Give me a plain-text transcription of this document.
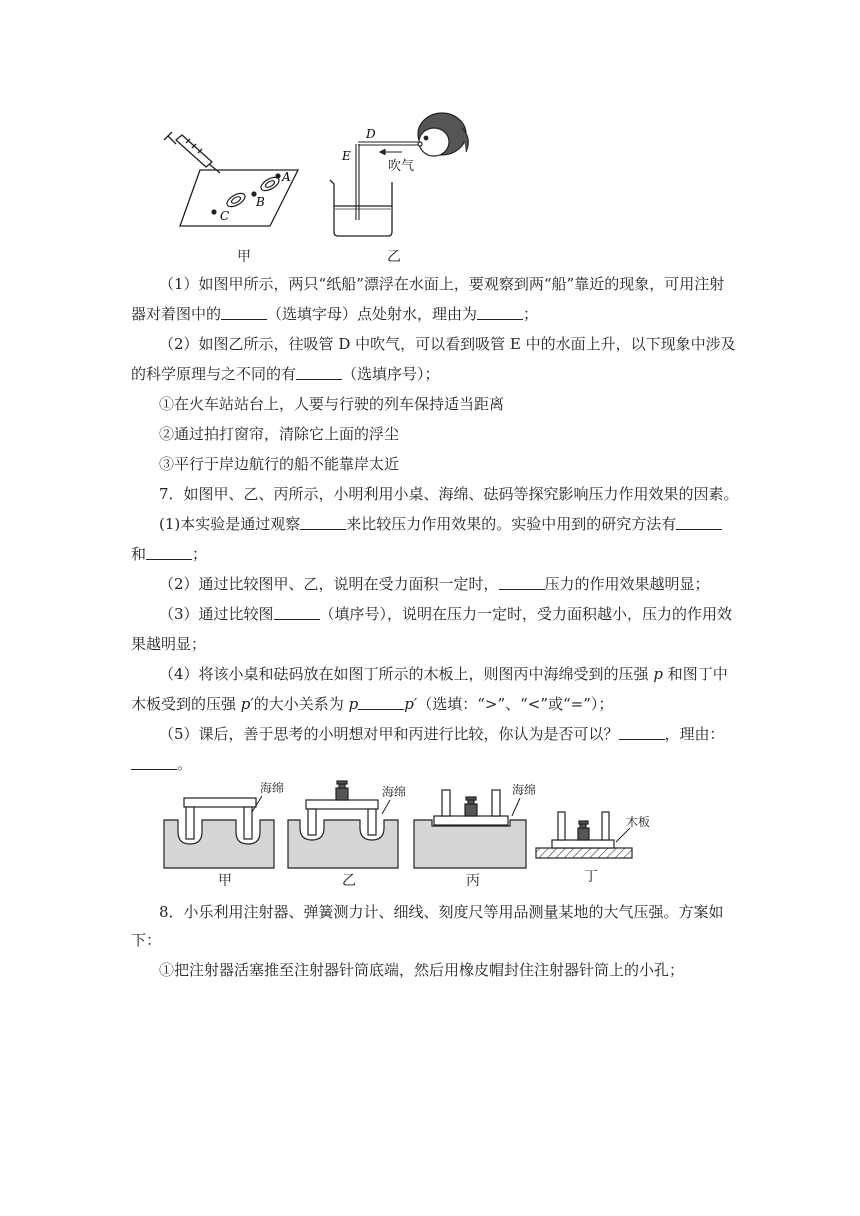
A
B
C
甲
D
E
吹气
乙
（1）如图甲所示，两只“纸船”漂浮在水面上，要观察到两“船”靠近的现象，可用注射
器对着图中的	（选填字母）点处射水，理由为	；
（2）如图乙所示，往吸管 D 中吹气，可以看到吸管 E 中的水面上升，以下现象中涉及
的科学原理与之不同的有	（选填序号）；
①在火车站站台上，人要与行驶的列车保持适当距离
②通过拍打窗帘，清除它上面的浮尘
③平行于岸边航行的船不能靠岸太近
7．如图甲、乙、丙所示，小明利用小桌、海绵、砝码等探究影响压力作用效果的因素。
(1)本实验是通过观察	来比较压力作用效果的。实验中用到的研究方法有
和	；
（2）通过比较图甲、乙，说明在受力面积一定时，	压力的作用效果越明显；
（3）通过比较图	（填序号），说明在压力一定时，受力面积越小，压力的作用效
果越明显；
（4）将该小桌和砝码放在如图丁所示的木板上，则图丙中海绵受到的压强 p 和图丁中
木板受到的压强 p′的大小关系为 p	p′（选填：“>”、“<”或“=”）；
（5）课后，善于思考的小明想对甲和丙进行比较，你认为是否可以？	，理由：
。
海绵	海绵	海绵
木板
甲	乙	丙	丁
8．小乐利用注射器、弹簧测力计、细线、刻度尺等用品测量某地的大气压强。方案如
下：
①把注射器活塞推至注射器针筒底端，然后用橡皮帽封住注射器针筒上的小孔；
